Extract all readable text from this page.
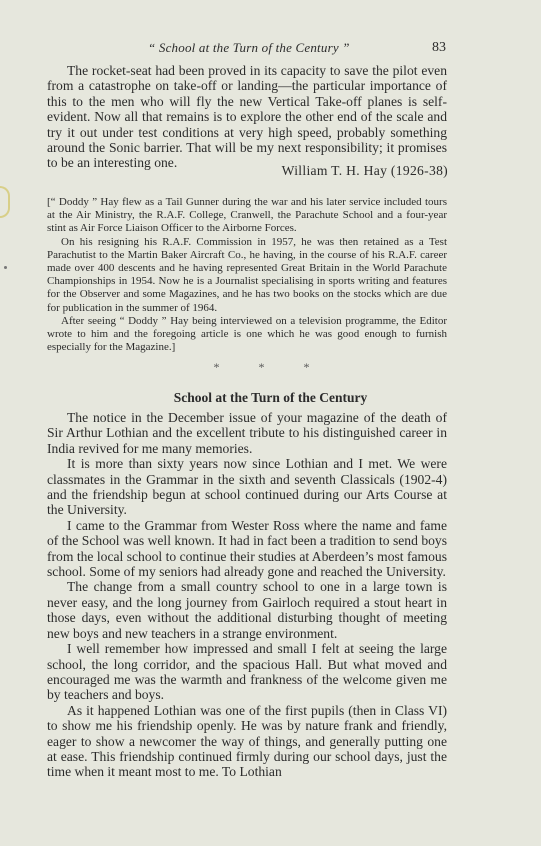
“ School at the Turn of the Century ”	83

The rocket-seat had been proved in its capacity to save the pilot even from a catastrophe on take-off or landing—the particular importance of this to the men who will fly the new Vertical Take-off planes is self-evident. Now all that remains is to explore the other end of the scale and try it out under test conditions at very high speed, probably something around the Sonic barrier. That will be my next responsibility; it promises to be an interesting one.

William T. H. Hay (1926-38)

[“ Doddy ” Hay flew as a Tail Gunner during the war and his later service included tours at the Air Ministry, the R.A.F. College, Cranwell, the Parachute School and a four-year stint as Air Force Liaison Officer to the Airborne Forces.

On his resigning his R.A.F. Commission in 1957, he was then retained as a Test Parachutist to the Martin Baker Aircraft Co., he having, in the course of his R.A.F. career made over 400 descents and he having represented Great Britain in the World Parachute Championships in 1954. Now he is a Journalist specialising in sports writing and features for the Observer and some Magazines, and he has two books on the stocks which are due for publication in the summer of 1964.

After seeing “ Doddy ” Hay being interviewed on a television programme, the Editor wrote to him and the foregoing article is one which he was good enough to furnish especially for the Magazine.]

* * *
School at the Turn of the Century

The notice in the December issue of your magazine of the death of Sir Arthur Lothian and the excellent tribute to his distinguished career in India revived for me many memories.

It is more than sixty years now since Lothian and I met. We were classmates in the Grammar in the sixth and seventh Classicals (1902-4) and the friendship begun at school continued during our Arts Course at the University.

I came to the Grammar from Wester Ross where the name and fame of the School was well known. It had in fact been a tradition to send boys from the local school to continue their studies at Aberdeen’s most famous school. Some of my seniors had already gone and reached the University.

The change from a small country school to one in a large town is never easy, and the long journey from Gairloch required a stout heart in those days, even without the additional disturbing thought of meeting new boys and new teachers in a strange environment.

I well remember how impressed and small I felt at seeing the large school, the long corridor, and the spacious Hall. But what moved and encouraged me was the warmth and frankness of the welcome given me by teachers and boys.

As it happened Lothian was one of the first pupils (then in Class VI) to show me his friendship openly. He was by nature frank and friendly, eager to show a newcomer the way of things, and generally putting one at ease. This friendship continued firmly during our school days, just the time when it meant most to me. To Lothian
